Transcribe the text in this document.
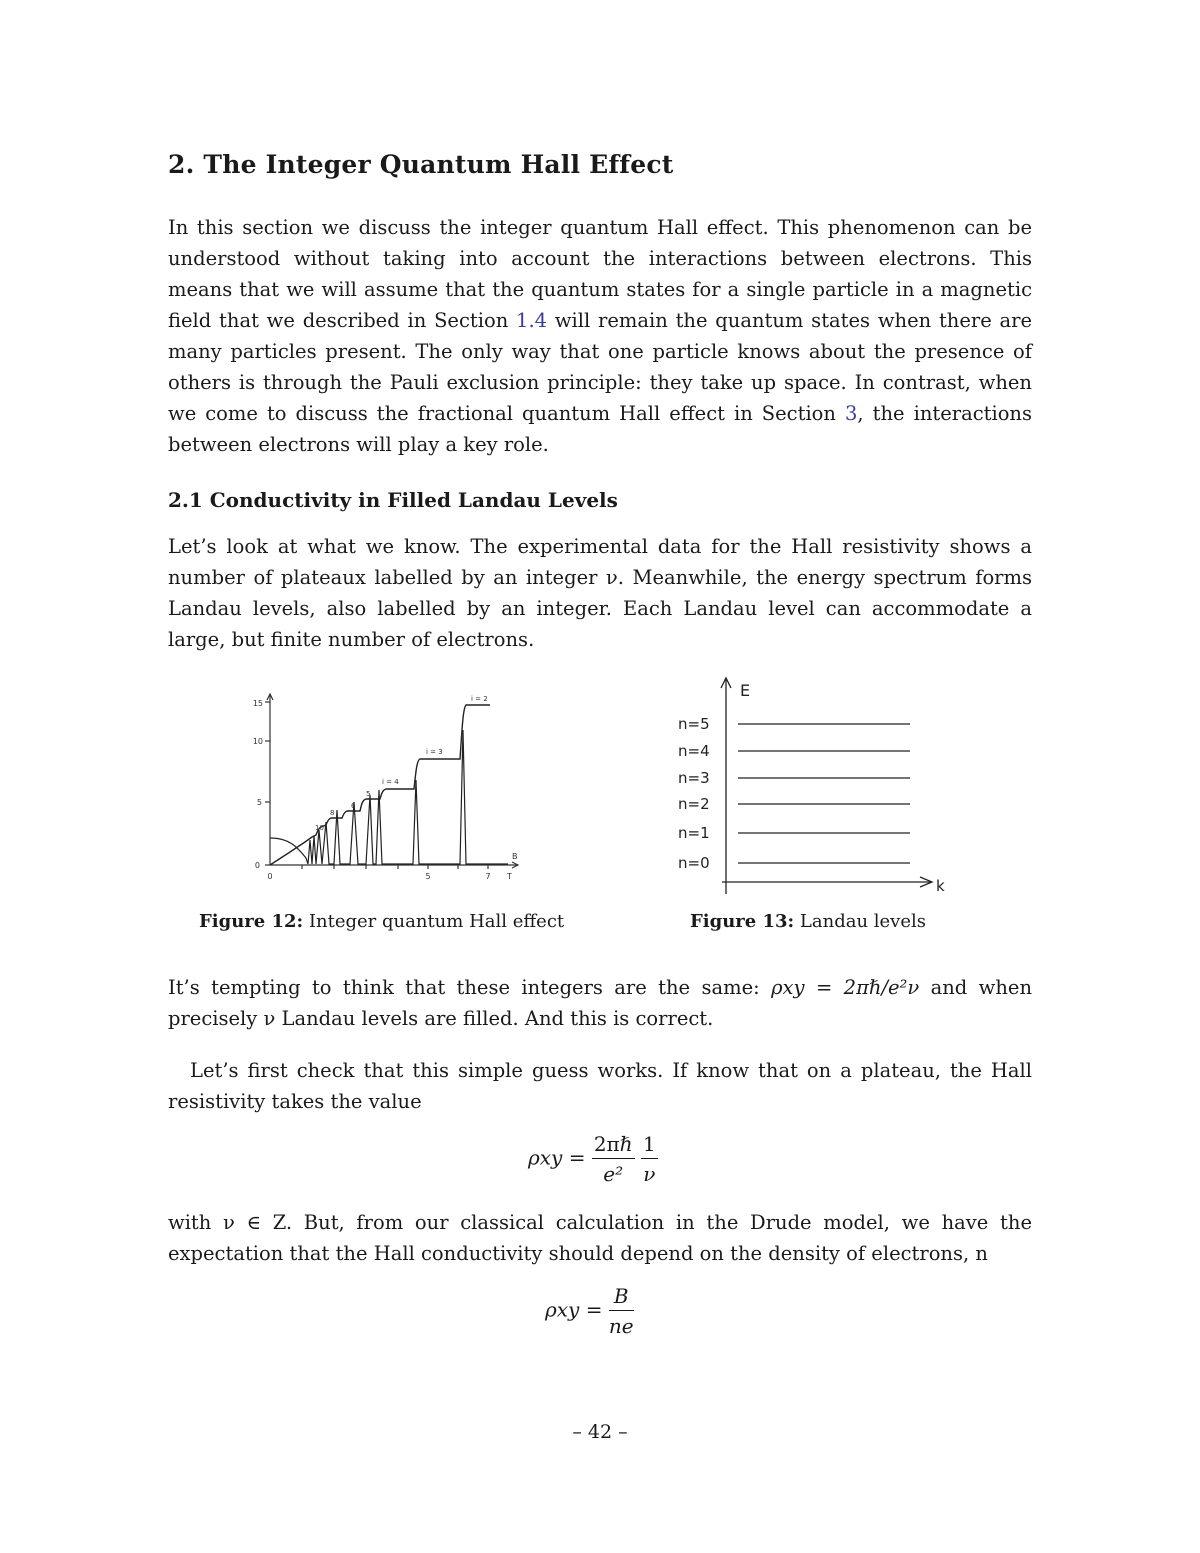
2. The Integer Quantum Hall Effect

In this section we discuss the integer quantum Hall effect. This phenomenon can be understood without taking into account the interactions between electrons. This means that we will assume that the quantum states for a single particle in a magnetic field that we described in Section 1.4 will remain the quantum states when there are many particles present. The only way that one particle knows about the presence of others is through the Pauli exclusion principle: they take up space. In contrast, when we come to discuss the fractional quantum Hall effect in Section 3, the interactions between electrons will play a key role.

2.1 Conductivity in Filled Landau Levels

Let’s look at what we know. The experimental data for the Hall resistivity shows a number of plateaux labelled by an integer ν. Meanwhile, the energy spectrum forms Landau levels, also labelled by an integer. Each Landau level can accommodate a large, but finite number of electrons.

0
5
10
15
0	5	7 T
B
i = 2
i = 3
i = 4
5
6
8
10
Figure 12: Integer quantum Hall effect
E
k
n=5
n=4
n=3
n=2
n=1
n=0
Figure 13: Landau levels

It’s tempting to think that these integers are the same: ρxy = 2πℏ/e²ν and when precisely ν Landau levels are filled. And this is correct.

Let’s first check that this simple guess works. If know that on a plateau, the Hall resistivity takes the value

$\rho xy = \frac{\text{2πℏ}}{\text{e²}}$
$\frac{1}{\nu}$

with ν ∈ Z. But, from our classical calculation in the Drude model, we have the expectation that the Hall conductivity should depend on the density of electrons, n

$\rho xy = \frac{B}{ne}$
– 42 –
